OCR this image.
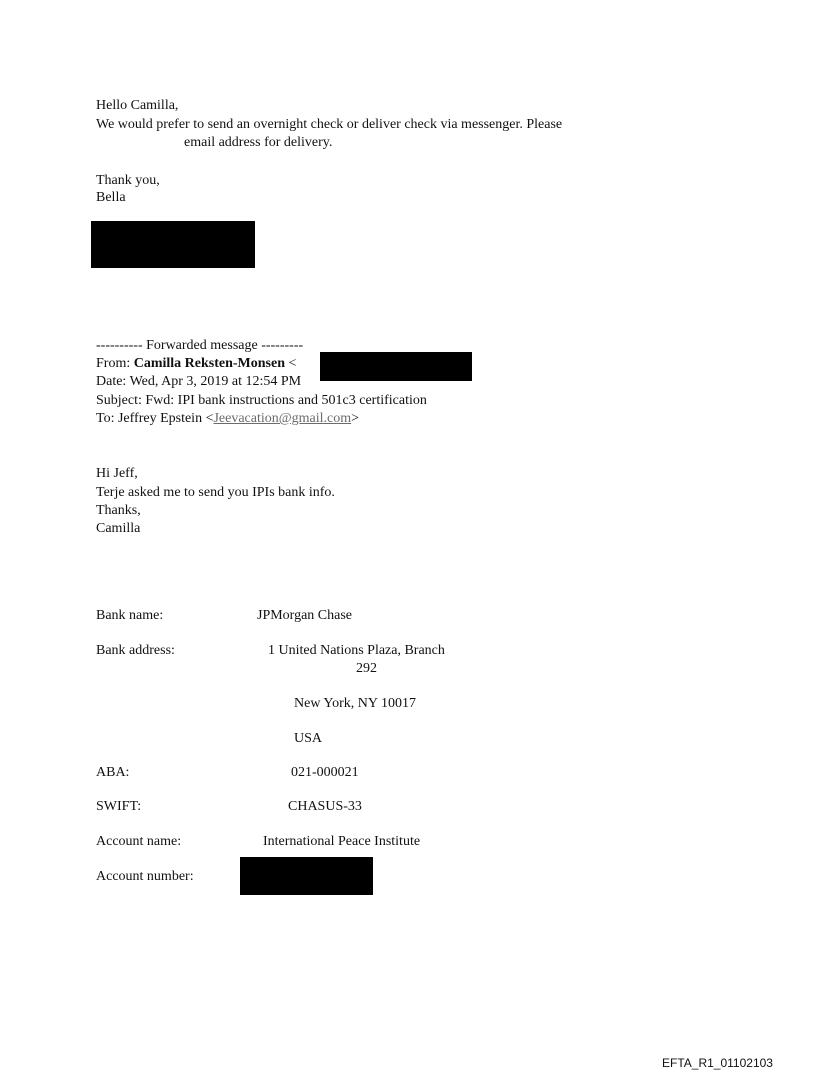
Hello Camilla,
We would prefer to send an overnight check or deliver check via messenger. Please
email address for delivery.
Thank you,
Bella
---------- Forwarded message ---------
From: Camilla Reksten-Monsen <
Date: Wed, Apr 3, 2019 at 12:54 PM
Subject: Fwd: IPI bank instructions and 501c3 certification
To: Jeffrey Epstein <Jeevacation@gmail.com>
Hi Jeff,
Terje asked me to send you IPIs bank info.
Thanks,
Camilla
Bank name:	JPMorgan Chase
Bank address:	1 United Nations Plaza, Branch
292
New York, NY 10017
USA
ABA:	021-000021
SWIFT:	CHASUS-33
Account name:	International Peace Institute
Account number:
EFTA_R1_01102103
